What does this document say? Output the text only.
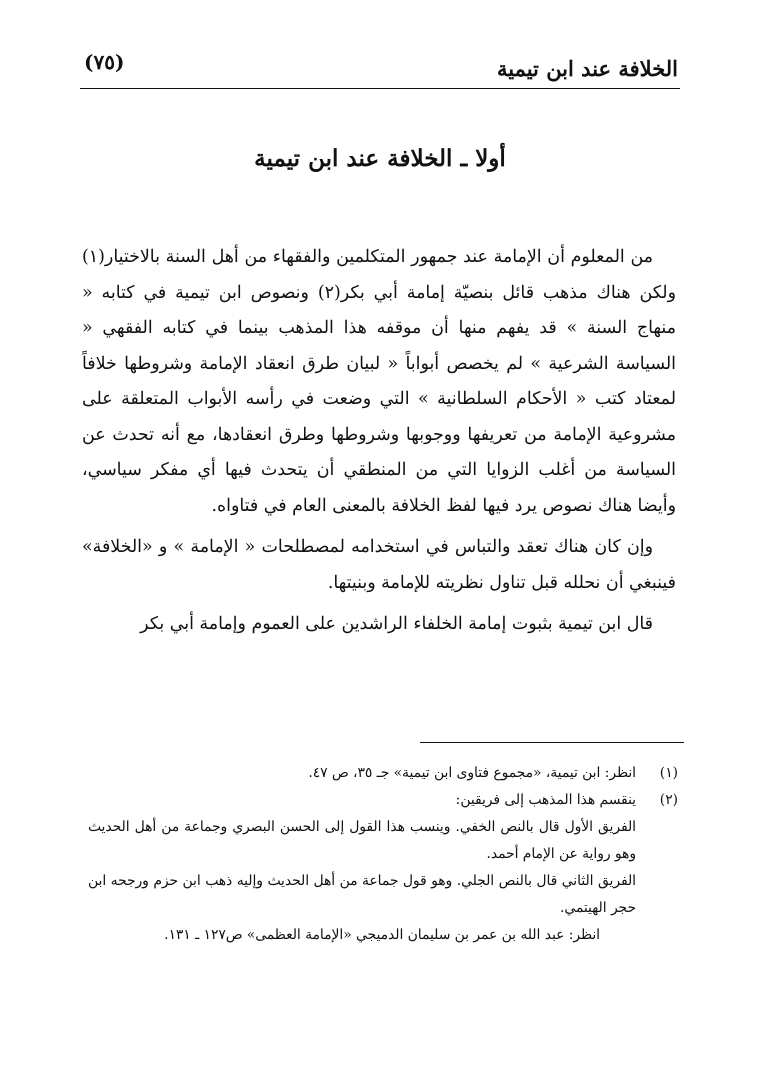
الخلافة عند ابن تيمية
(٧٥)
أولا ـ الخلافة عند ابن تيمية

من المعلوم أن الإمامة عند جمهور المتكلمين والفقهاء من أهل السنة بالاختيار(١) ولكن هناك مذهب قائل بنصيّة إمامة أبي بكر(٢) ونصوص ابن تيمية في كتابه « منهاج السنة » قد يفهم منها أن موقفه هذا المذهب بينما في كتابه الفقهي « السياسة الشرعية » لم يخصص أبواباً « لبيان طرق انعقاد الإمامة وشروطها خلافاً لمعتاد كتب « الأحكام السلطانية » التي وضعت في رأسه الأبواب المتعلقة على مشروعية الإمامة من تعريفها ووجوبها وشروطها وطرق انعقادها، مع أنه تحدث عن السياسة من أغلب الزوايا التي من المنطقي أن يتحدث فيها أي مفكر سياسي، وأيضا هناك نصوص يرد فيها لفظ الخلافة بالمعنى العام في فتاواه.

وإن كان هناك تعقد والتباس في استخدامه لمصطلحات « الإمامة » و «الخلافة» فينبغي أن نحلله قبل تناول نظريته للإمامة وبنيتها.

قال ابن تيمية بثبوت إمامة الخلفاء الراشدين على العموم وإمامة أبي بكر

(١)
انظر: ابن تيمية، «مجموع فتاوى ابن تيمية» جـ ٣٥، ص ٤٧.
(٢)
ينقسم هذا المذهب إلى فريقين:
الفريق الأول قال بالنص الخفي. وينسب هذا القول إلى الحسن البصري وجماعة من أهل الحديث وهو رواية عن الإمام أحمد.
الفريق الثاني قال بالنص الجلي. وهو قول جماعة من أهل الحديث وإليه ذهب ابن حزم ورجحه ابن حجر الهيتمي.
انظر: عبد الله بن عمر بن سليمان الدميجي «الإمامة العظمى» ص١٢٧ ـ ١٣١.
